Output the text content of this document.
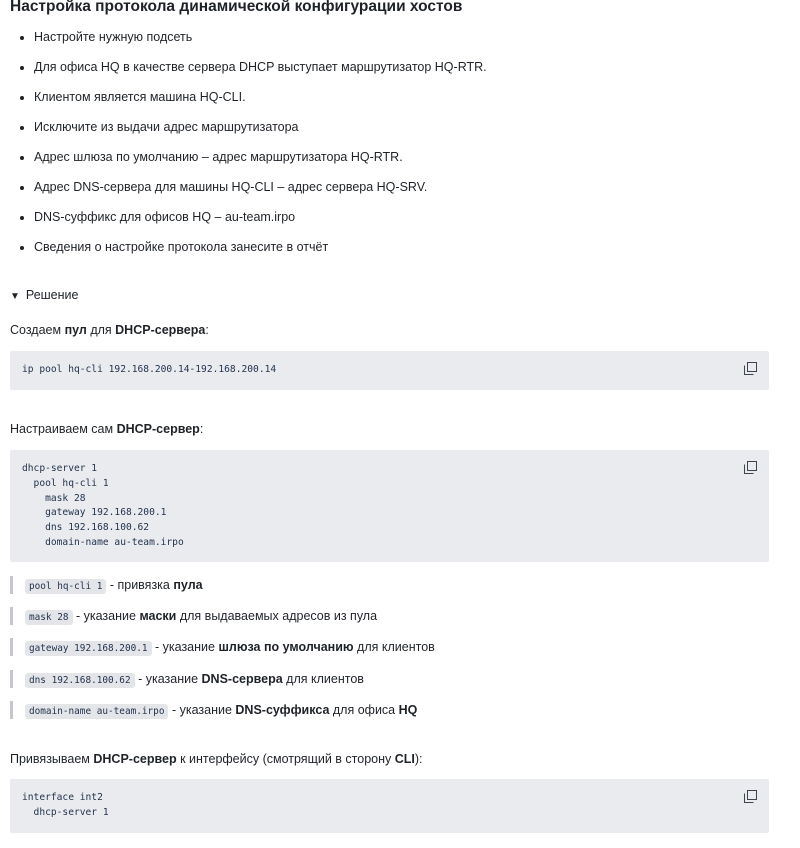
Настройка протокола динамической конфигурации хостов
• Настройте нужную подсеть
• Для офиса HQ в качестве сервера DHCP выступает маршрутизатор HQ-RTR.
• Клиентом является машина HQ-CLI.
• Исключите из выдачи адрес маршрутизатора
• Адрес шлюза по умолчанию – адрес маршрутизатора HQ-RTR.
• Адрес DNS-сервера для машины HQ-CLI – адрес сервера HQ-SRV.
• DNS-суффикс для офисов HQ – au-team.irpo
• Сведения о настройке протокола занесите в отчёт
▼ Решение
Создаем пул для DHCP-сервера:
ip pool hq-cli 192.168.200.14-192.168.200.14
Настраиваем сам DHCP-сервер:
dhcp-server 1
pool hq-cli 1
mask 28
gateway 192.168.200.1
dns 192.168.100.62
domain-name au-team.irpo
pool hq-cli 1 - привязка пула
mask 28 - указание маски для выдаваемых адресов из пула
gateway 192.168.200.1 - указание шлюза по умолчанию для клиентов
dns 192.168.100.62 - указание DNS-сервера для клиентов
domain-name au-team.irpo - указание DNS-суффикса для офиса HQ
Привязываем DHCP-сервер к интерфейсу (смотрящий в сторону CLI):
interface int2
dhcp-server 1
